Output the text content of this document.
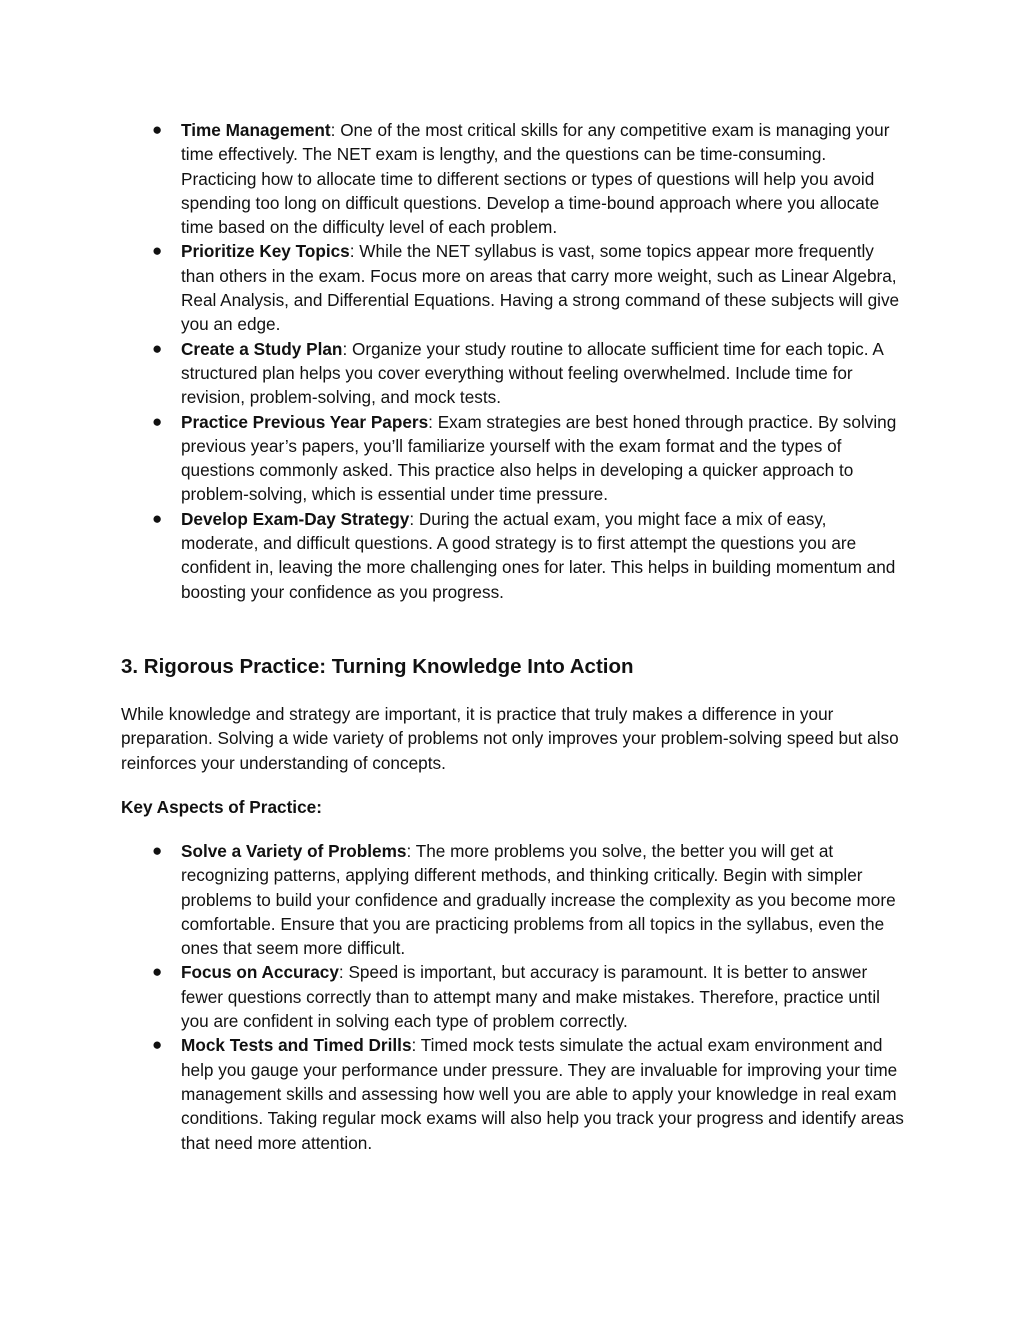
● Time Management: One of the most critical skills for any competitive exam is managing your time effectively. The NET exam is lengthy, and the questions can be time-consuming. Practicing how to allocate time to different sections or types of questions will help you avoid spending too long on difficult questions. Develop a time-bound approach where you allocate time based on the difficulty level of each problem.
● Prioritize Key Topics: While the NET syllabus is vast, some topics appear more frequently than others in the exam. Focus more on areas that carry more weight, such as Linear Algebra, Real Analysis, and Differential Equations. Having a strong command of these subjects will give you an edge.
● Create a Study Plan: Organize your study routine to allocate sufficient time for each topic. A structured plan helps you cover everything without feeling overwhelmed. Include time for revision, problem-solving, and mock tests.
● Practice Previous Year Papers: Exam strategies are best honed through practice. By solving previous year’s papers, you’ll familiarize yourself with the exam format and the types of questions commonly asked. This practice also helps in developing a quicker approach to problem-solving, which is essential under time pressure.
● Develop Exam-Day Strategy: During the actual exam, you might face a mix of easy, moderate, and difficult questions. A good strategy is to first attempt the questions you are confident in, leaving the more challenging ones for later. This helps in building momentum and boosting your confidence as you progress.
3. Rigorous Practice: Turning Knowledge Into Action

While knowledge and strategy are important, it is practice that truly makes a difference in your preparation. Solving a wide variety of problems not only improves your problem-solving speed but also reinforces your understanding of concepts.

Key Aspects of Practice:

● Solve a Variety of Problems: The more problems you solve, the better you will get at recognizing patterns, applying different methods, and thinking critically. Begin with simpler problems to build your confidence and gradually increase the complexity as you become more comfortable. Ensure that you are practicing problems from all topics in the syllabus, even the ones that seem more difficult.
● Focus on Accuracy: Speed is important, but accuracy is paramount. It is better to answer fewer questions correctly than to attempt many and make mistakes. Therefore, practice until you are confident in solving each type of problem correctly.
● Mock Tests and Timed Drills: Timed mock tests simulate the actual exam environment and help you gauge your performance under pressure. They are invaluable for improving your time management skills and assessing how well you are able to apply your knowledge in real exam conditions. Taking regular mock exams will also help you track your progress and identify areas that need more attention.
